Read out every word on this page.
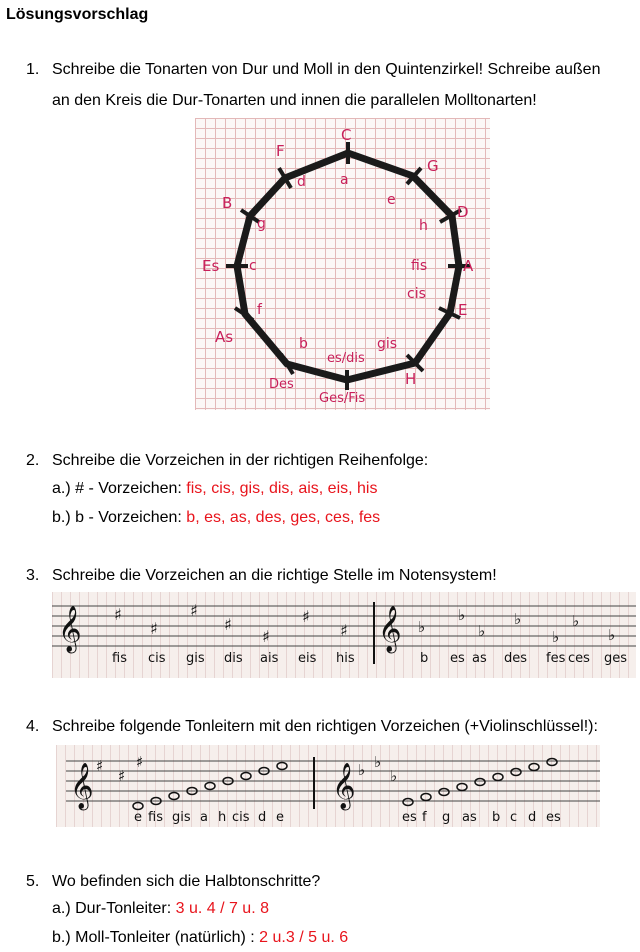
Lösungsvorschlag
1. Schreibe die Tonarten von Dur und Moll in den Quintenzirkel! Schreibe außen
an den Kreis die Dur-Tonarten und innen die parallelen Molltonarten!
C
G
D
A
E
H
Ges/Fis
Des
As
Es
B
F
a
e
h
fis
cis
gis
es/dis
b
f
c
g
d
2. Schreibe die Vorzeichen in der richtigen Reihenfolge:
a.) # - Vorzeichen: fis, cis, gis, dis, ais, eis, his
b.) b - Vorzeichen: b, es, as, des, ges, ces, fes
3. Schreibe die Vorzeichen an die richtige Stelle im Notensystem!
𝄞 ♯
♯
♯
♯
♯
♯
♯ 𝄞 ♭
♭
♭
♭
♭
♭
♭
fis cis gis dis ais eis his	b es as des fes ces ges
4. Schreibe folgende Tonleitern mit den richtigen Vorzeichen (+Violinschlüssel!):
𝄞 ♯
♯
♯
𝄞 ♭ ♭
♭
e fis gis a h cis d e	es f g as b c d es
5. Wo befinden sich die Halbtonschritte?
a.) Dur-Tonleiter: 3 u. 4 / 7 u. 8
b.) Moll-Tonleiter (natürlich) : 2 u.3 / 5 u. 6
